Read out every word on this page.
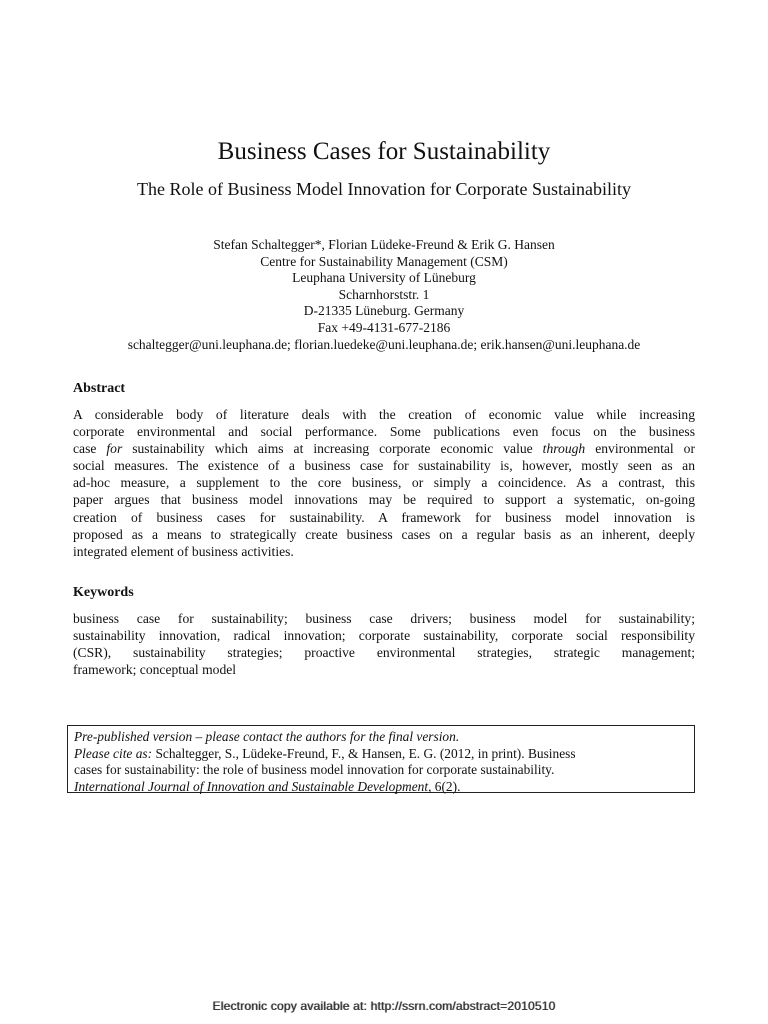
Business Cases for Sustainability
The Role of Business Model Innovation for Corporate Sustainability
Stefan Schaltegger*, Florian Lüdeke-Freund & Erik G. Hansen
Centre for Sustainability Management (CSM)
Leuphana University of Lüneburg
Scharnhorststr. 1
D-21335 Lüneburg. Germany
Fax +49-4131-677-2186
schaltegger@uni.leuphana.de; florian.luedeke@uni.leuphana.de; erik.hansen@uni.leuphana.de
Abstract
A considerable body of literature deals with the creation of economic value while increasing
corporate environmental and social performance. Some publications even focus on the business
case for sustainability which aims at increasing corporate economic value through environmental or
social measures. The existence of a business case for sustainability is, however, mostly seen as an
ad-hoc measure, a supplement to the core business, or simply a coincidence. As a contrast, this
paper argues that business model innovations may be required to support a systematic, on-going
creation of business cases for sustainability. A framework for business model innovation is
proposed as a means to strategically create business cases on a regular basis as an inherent, deeply
integrated element of business activities.
Keywords
business case for sustainability; business case drivers; business model for sustainability;
sustainability innovation, radical innovation; corporate sustainability, corporate social responsibility
(CSR), sustainability strategies; proactive environmental strategies, strategic management;
framework; conceptual model
Pre-published version – please contact the authors for the final version.
Please cite as: Schaltegger, S., Lüdeke-Freund, F., & Hansen, E. G. (2012, in print). Business
cases for sustainability: the role of business model innovation for corporate sustainability.
International Journal of Innovation and Sustainable Development, 6(2).
Electronic copy available at: http://ssrn.com/abstract=2010510
